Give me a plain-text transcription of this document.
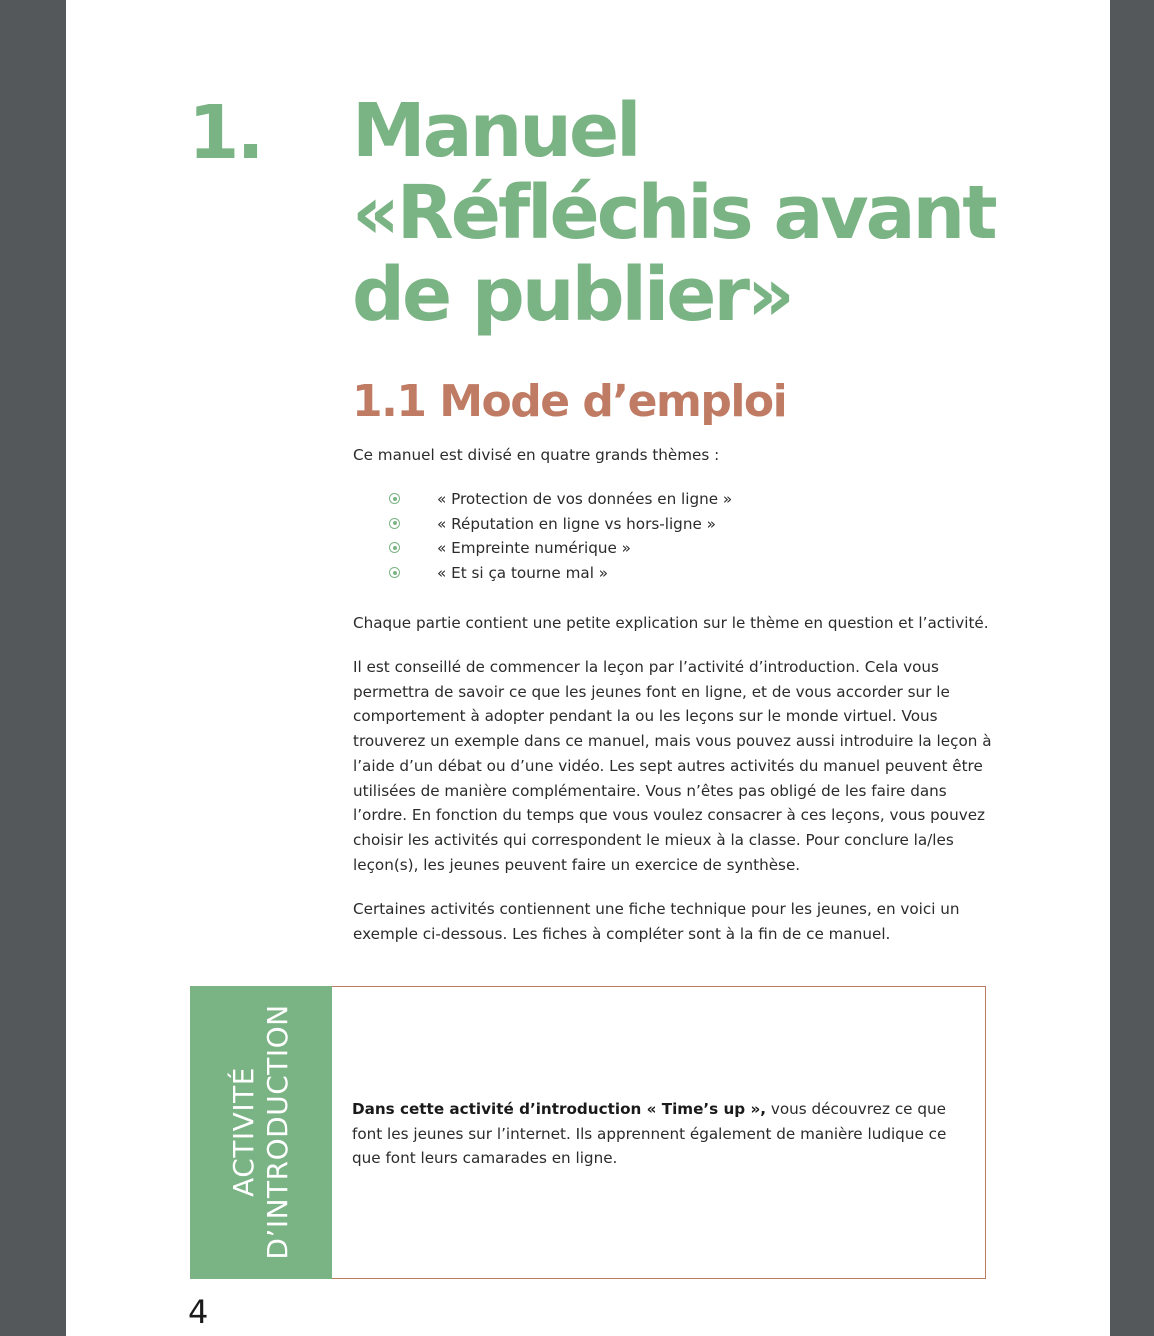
1. Manuel
«Réfléchis avant
de publier»
1.1 Mode d’emploi

Ce manuel est divisé en quatre grands thèmes :

« Protection de vos données en ligne »
« Réputation en ligne vs hors-ligne »
« Empreinte numérique »
« Et si ça tourne mal »

Chaque partie contient une petite explication sur le thème en question et l’activité.

Il est conseillé de commencer la leçon par l’activité d’introduction. Cela vous permettra de savoir ce que les jeunes font en ligne, et de vous accorder sur le comportement à adopter pendant la ou les leçons sur le monde virtuel. Vous trouverez un exemple dans ce manuel, mais vous pouvez aussi introduire la leçon à l’aide d’un débat ou d’une vidéo. Les sept autres activités du manuel peuvent être utilisées de manière complémentaire. Vous n’êtes pas obligé de les faire dans l’ordre. En fonction du temps que vous voulez consacrer à ces leçons, vous pouvez choisir les activités qui correspondent le mieux à la classe. Pour conclure la/les leçon(s), les jeunes peuvent faire un exercice de synthèse.

Certaines activités contiennent une fiche technique pour les jeunes, en voici un exemple ci-dessous. Les fiches à compléter sont à la fin de ce manuel.

ACTIVITÉ D’INTRODUCTION	Dans cette activité d’introduction « Time’s up », vous découvrez ce que font les jeunes sur l’internet. Ils apprennent également de manière ludique ce que font leurs camarades en ligne.

4
